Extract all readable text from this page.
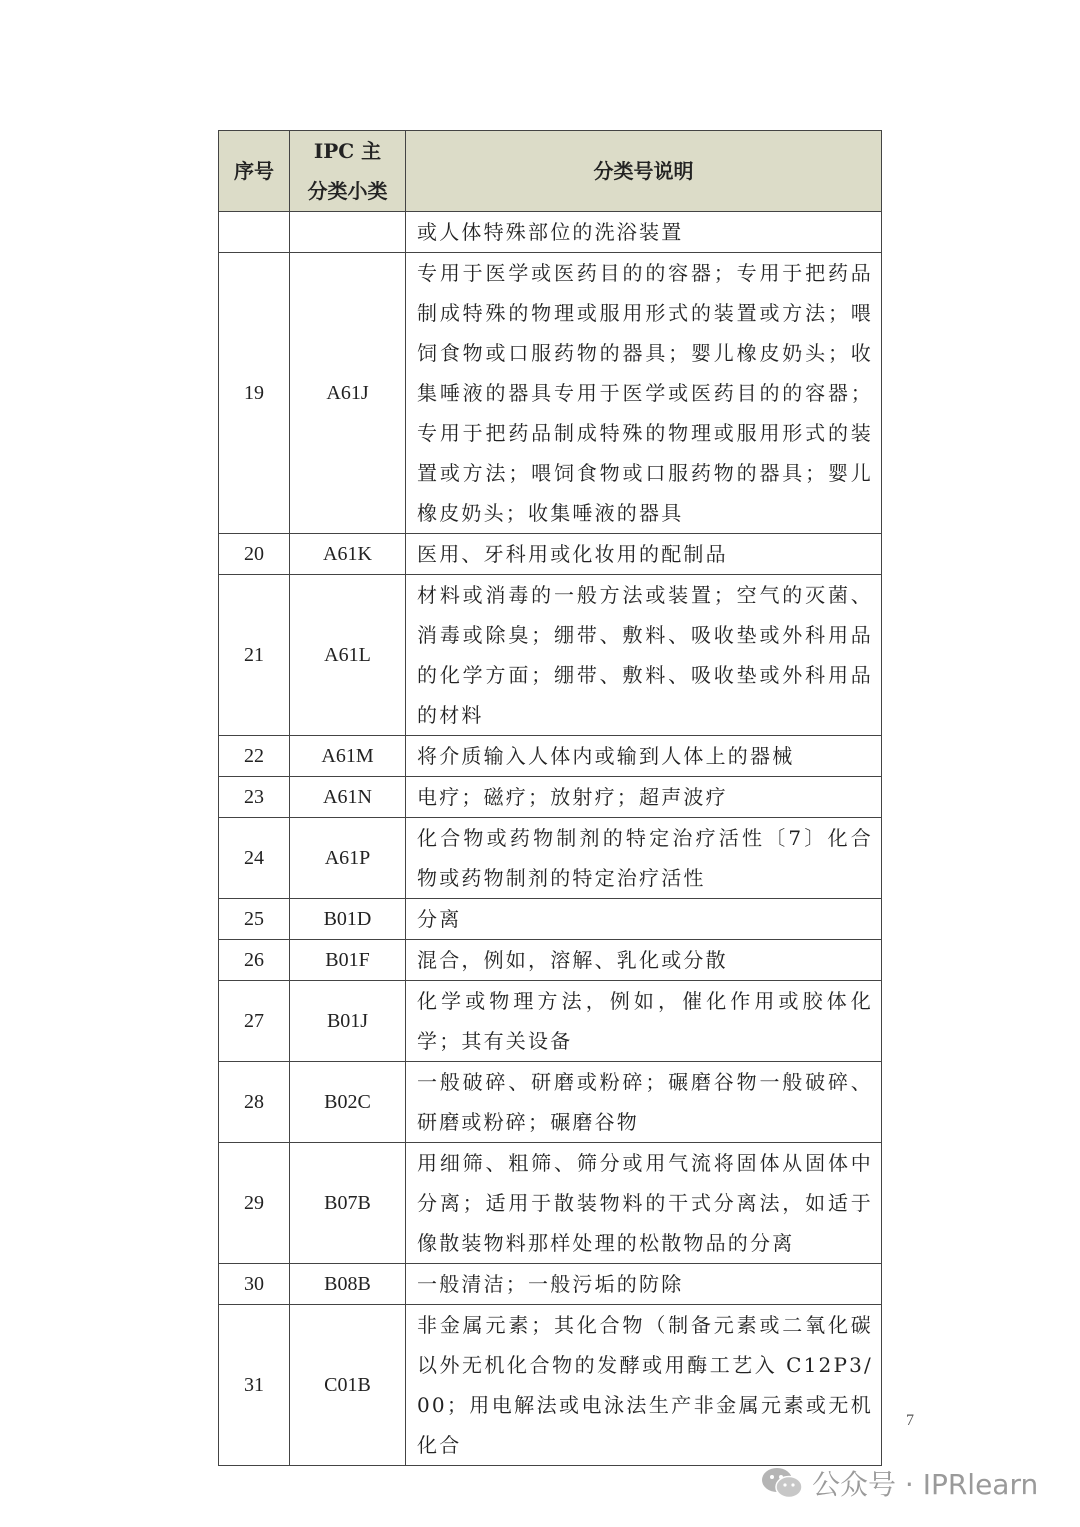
序号	IPC 主分类小类	分类号说明
		或人体特殊部位的洗浴装置
19	A61J	专用于医学或医药目的的容器；专用于把药品制成特殊的物理或服用形式的装置或方法；喂饲食物或口服药物的器具；婴儿橡皮奶头；收集唾液的器具专用于医学或医药目的的容器；专用于把药品制成特殊的物理或服用形式的装置或方法；喂饲食物或口服药物的器具；婴儿橡皮奶头；收集唾液的器具
20	A61K	医用、牙科用或化妆用的配制品
21	A61L	材料或消毒的一般方法或装置；空气的灭菌、消毒或除臭；绷带、敷料、吸收垫或外科用品的化学方面；绷带、敷料、吸收垫或外科用品的材料
22	A61M	将介质输入人体内或输到人体上的器械
23	A61N	电疗；磁疗；放射疗；超声波疗
24	A61P	化合物或药物制剂的特定治疗活性〔7〕化合物或药物制剂的特定治疗活性
25	B01D	分离
26	B01F	混合，例如，溶解、乳化或分散
27	B01J	化学或物理方法，例如，催化作用或胶体化学；其有关设备
28	B02C	一般破碎、研磨或粉碎；碾磨谷物一般破碎、研磨或粉碎；碾磨谷物
29	B07B	用细筛、粗筛、筛分或用气流将固体从固体中分离；适用于散装物料的干式分离法，如适于像散装物料那样处理的松散物品的分离
30	B08B	一般清洁；一般污垢的防除
31	C01B	非金属元素；其化合物（制备元素或二氧化碳以外无机化合物的发酵或用酶工艺入 C12P3/00；用电解法或电泳法生产非金属元素或无机化合
7
公众号 · IPRlearn
